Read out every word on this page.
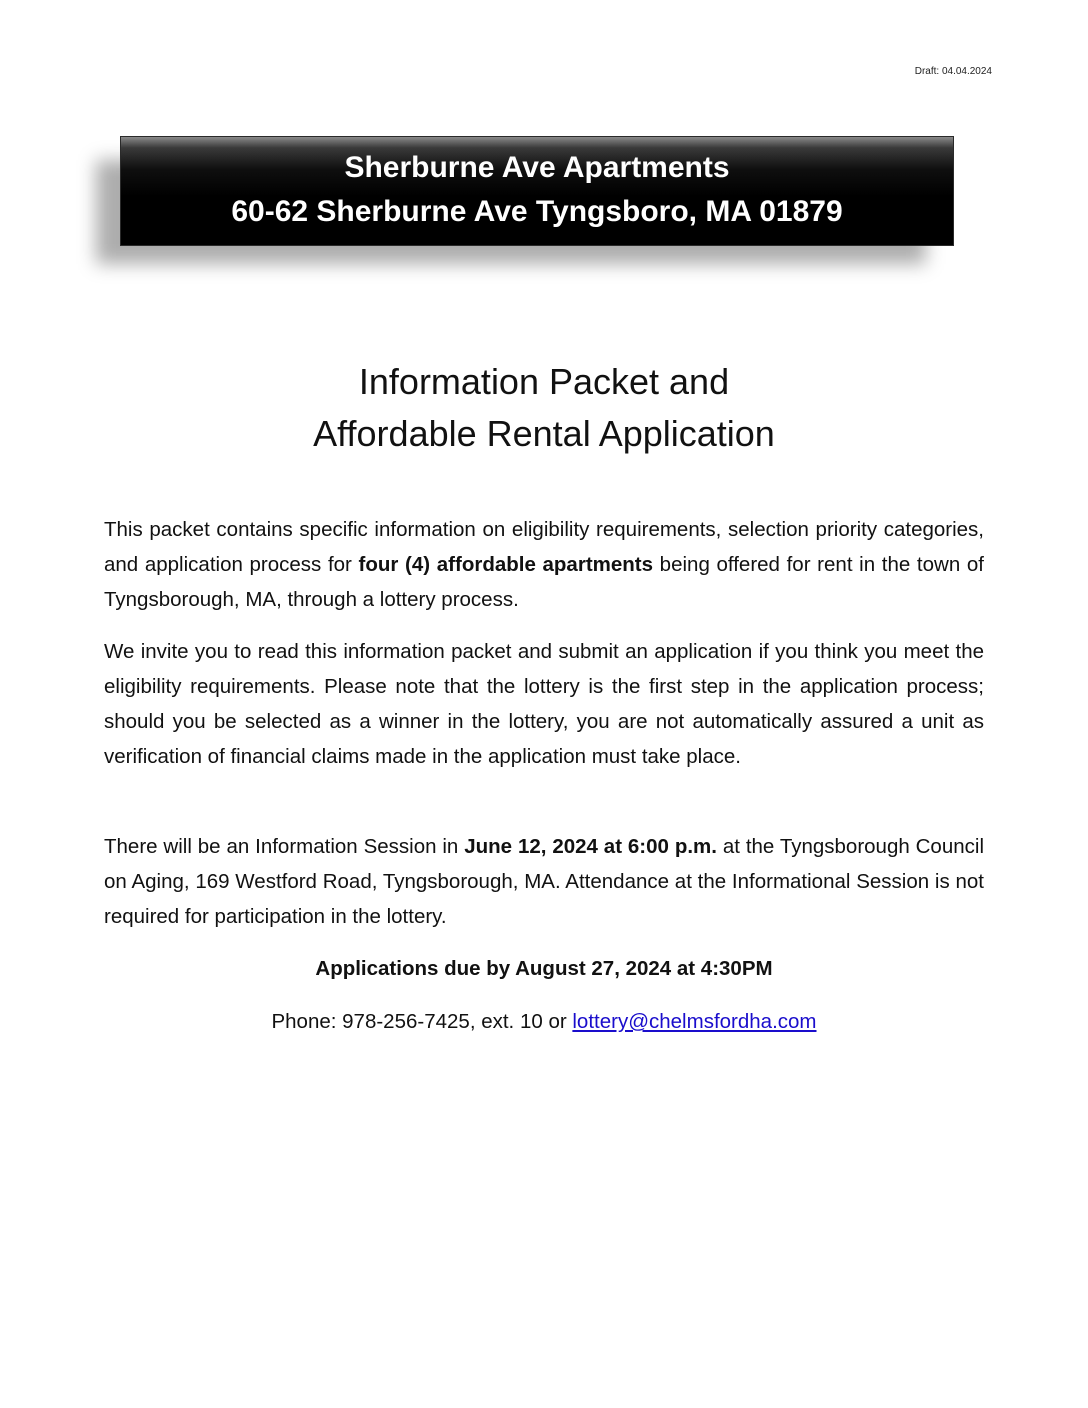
Draft: 04.04.2024
Sherburne Ave Apartments
60-62 Sherburne Ave Tyngsboro, MA 01879
Information Packet and
Affordable Rental Application

This packet contains specific information on eligibility requirements, selection priority categories, and application process for four (4) affordable apartments being offered for rent in the town of Tyngsborough, MA, through a lottery process.

We invite you to read this information packet and submit an application if you think you meet the eligibility requirements. Please note that the lottery is the first step in the application process; should you be selected as a winner in the lottery, you are not automatically assured a unit as verification of financial claims made in the application must take place.

There will be an Information Session in June 12, 2024 at 6:00 p.m. at the Tyngsborough Council on Aging, 169 Westford Road, Tyngsborough, MA. Attendance at the Informational Session is not required for participation in the lottery.

Applications due by August 27, 2024 at 4:30PM
Phone: 978-256-7425, ext. 10 or lottery@chelmsfordha.com
